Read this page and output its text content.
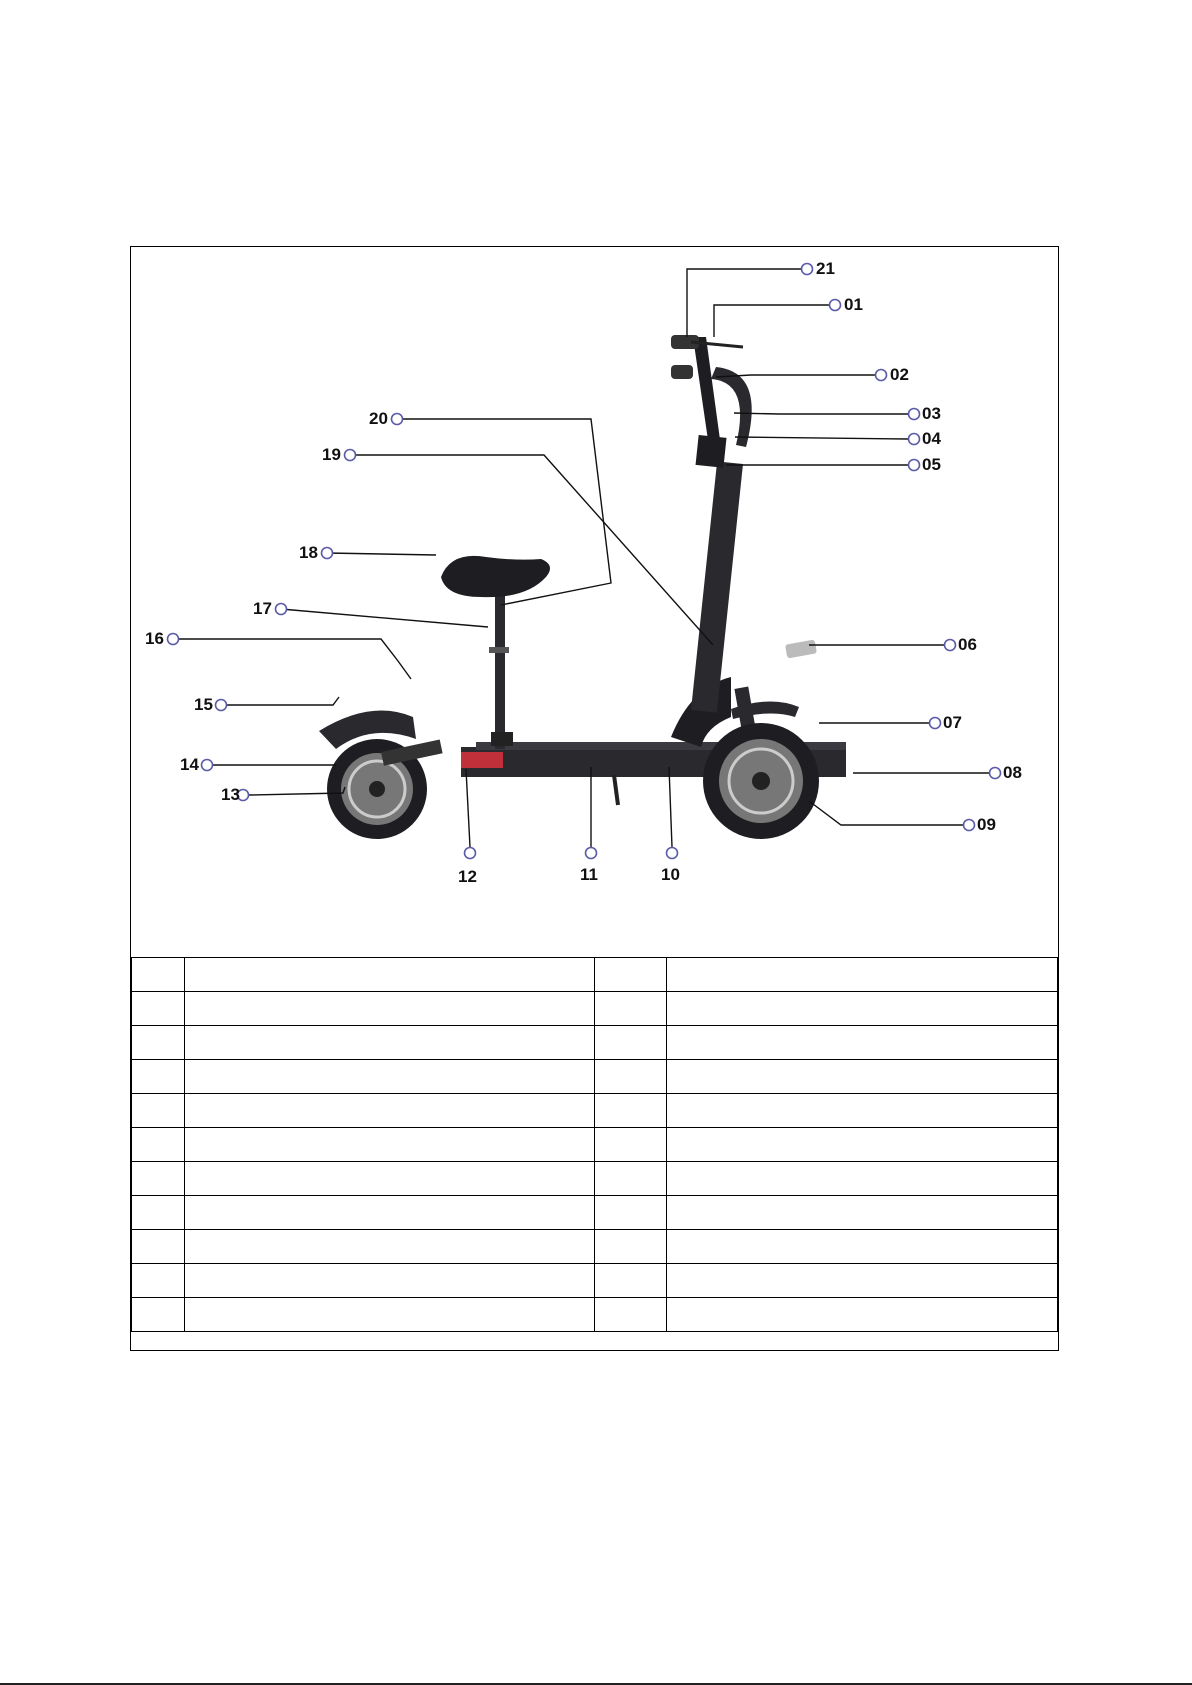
21
01
02
03
04
05
06
07
08
09
10
11
12
13
14
15
16
17
18
19
20
